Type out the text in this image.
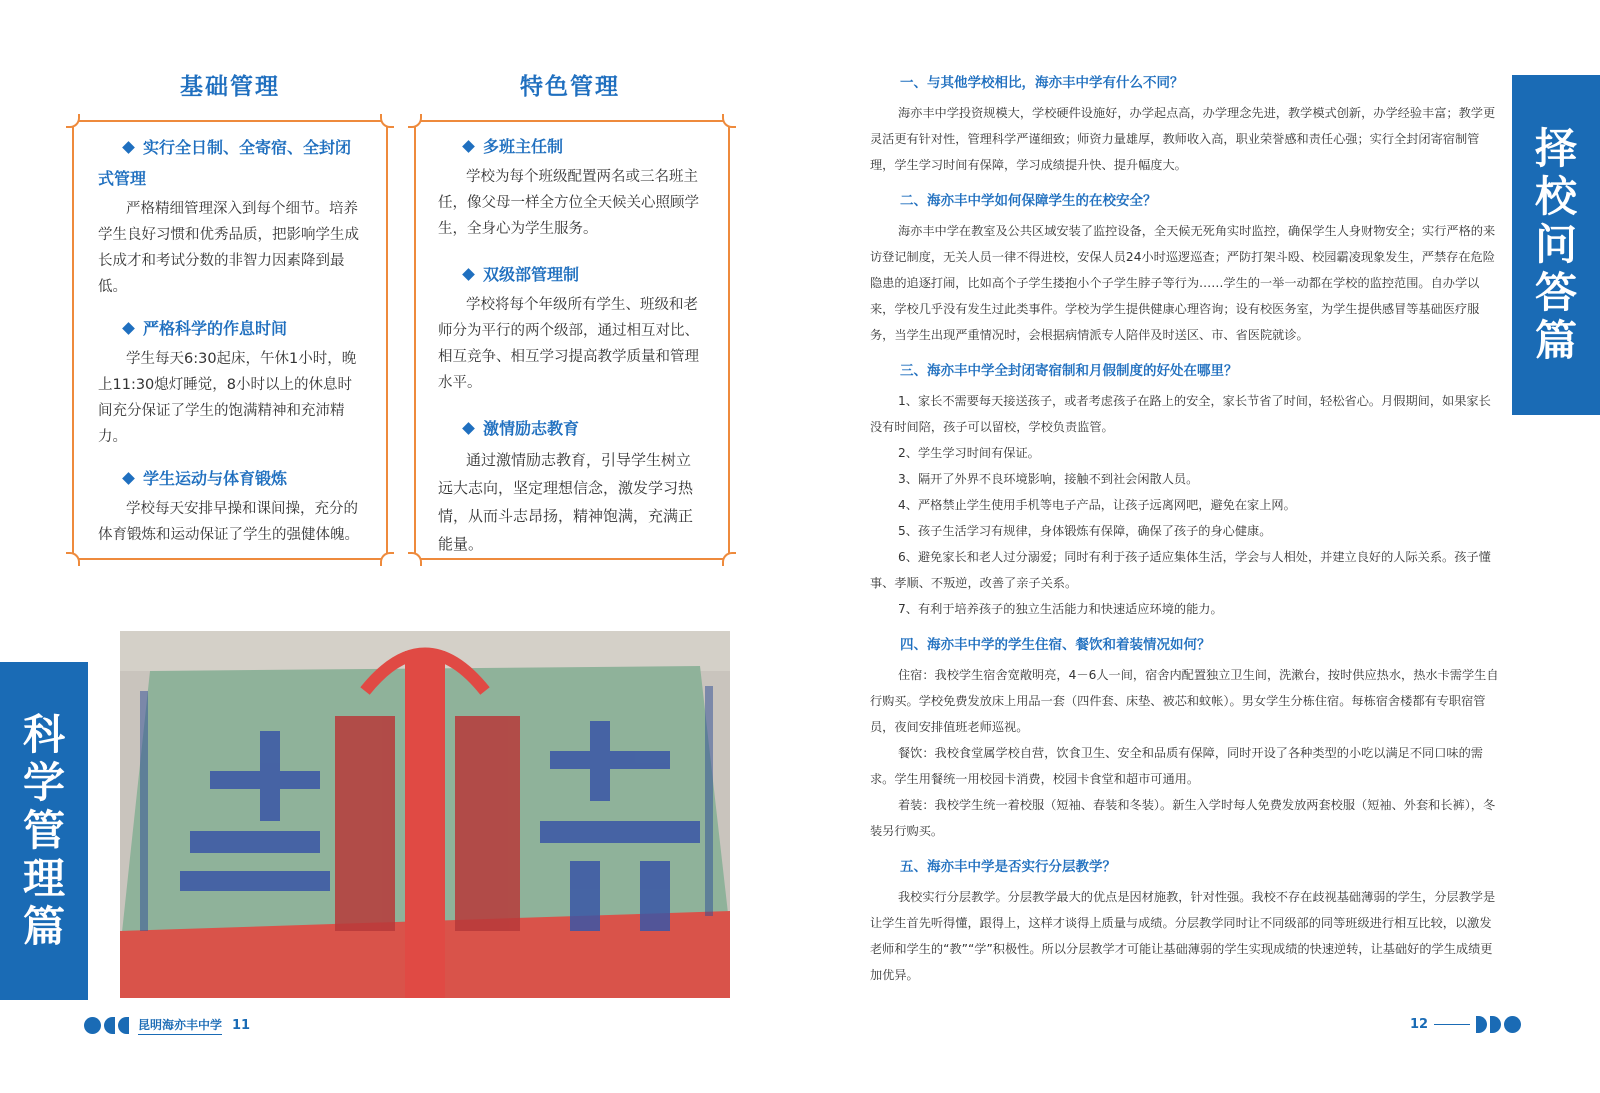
基础管理	特色管理
实行全日制、全寄宿、全封闭式管理

严格精细管理深入到每个细节。培养学生良好习惯和优秀品质，把影响学生成长成才和考试分数的非智力因素降到最低。

严格科学的作息时间

学生每天6:30起床，午休1小时，晚上11:30熄灯睡觉，8小时以上的休息时间充分保证了学生的饱满精神和充沛精力。

学生运动与体育锻炼

学校每天安排早操和课间操，充分的体育锻炼和运动保证了学生的强健体魄。

多班主任制

学校为每个班级配置两名或三名班主任，像父母一样全方位全天候关心照顾学生，全身心为学生服务。

双级部管理制

学校将每个年级所有学生、班级和老师分为平行的两个级部，通过相互对比、相互竞争、相互学习提高教学质量和管理水平。

激情励志教育

通过激情励志教育，引导学生树立远大志向，坚定理想信念，激发学习热情，从而斗志昂扬，精神饱满，充满正能量。

科学管理篇
昆明海亦丰中学 11
择校问答篇
一、与其他学校相比，海亦丰中学有什么不同？

海亦丰中学投资规模大，学校硬件设施好，办学起点高，办学理念先进，教学模式创新，办学经验丰富；教学更灵活更有针对性，管理科学严谨细致；师资力量雄厚，教师收入高，职业荣誉感和责任心强；实行全封闭寄宿制管理，学生学习时间有保障，学习成绩提升快、提升幅度大。

二、海亦丰中学如何保障学生的在校安全？

海亦丰中学在教室及公共区域安装了监控设备，全天候无死角实时监控，确保学生人身财物安全；实行严格的来访登记制度，无关人员一律不得进校，安保人员24小时巡逻巡查；严防打架斗殴、校园霸凌现象发生，严禁存在危险隐患的追逐打闹，比如高个子学生搂抱小个子学生脖子等行为……学生的一举一动都在学校的监控范围。自办学以来，学校几乎没有发生过此类事件。学校为学生提供健康心理咨询；设有校医务室，为学生提供感冒等基础医疗服务，当学生出现严重情况时，会根据病情派专人陪伴及时送区、市、省医院就诊。

三、海亦丰中学全封闭寄宿制和月假制度的好处在哪里？

1、家长不需要每天接送孩子，或者考虑孩子在路上的安全，家长节省了时间，轻松省心。月假期间，如果家长没有时间陪，孩子可以留校，学校负责监管。

2、学生学习时间有保证。

3、隔开了外界不良环境影响，接触不到社会闲散人员。

4、严格禁止学生使用手机等电子产品，让孩子远离网吧，避免在家上网。

5、孩子生活学习有规律，身体锻炼有保障，确保了孩子的身心健康。

6、避免家长和老人过分溺爱；同时有利于孩子适应集体生活，学会与人相处，并建立良好的人际关系。孩子懂事、孝顺、不叛逆，改善了亲子关系。

7、有利于培养孩子的独立生活能力和快速适应环境的能力。

四、海亦丰中学的学生住宿、餐饮和着装情况如何？

住宿：我校学生宿舍宽敞明亮，4－6人一间，宿舍内配置独立卫生间，洗漱台，按时供应热水，热水卡需学生自行购买。学校免费发放床上用品一套（四件套、床垫、被芯和蚊帐）。男女学生分栋住宿。每栋宿舍楼都有专职宿管员，夜间安排值班老师巡视。

餐饮：我校食堂属学校自营，饮食卫生、安全和品质有保障，同时开设了各种类型的小吃以满足不同口味的需求。学生用餐统一用校园卡消费，校园卡食堂和超市可通用。

着装：我校学生统一着校服（短袖、春装和冬装）。新生入学时每人免费发放两套校服（短袖、外套和长裤），冬装另行购买。

五、海亦丰中学是否实行分层教学？

我校实行分层教学。分层教学最大的优点是因材施教，针对性强。我校不存在歧视基础薄弱的学生，分层教学是让学生首先听得懂，跟得上，这样才谈得上质量与成绩。分层教学同时让不同级部的同等班级进行相互比较，以激发老师和学生的“教”“学”积极性。所以分层教学才可能让基础薄弱的学生实现成绩的快速逆转，让基础好的学生成绩更加优异。

12
